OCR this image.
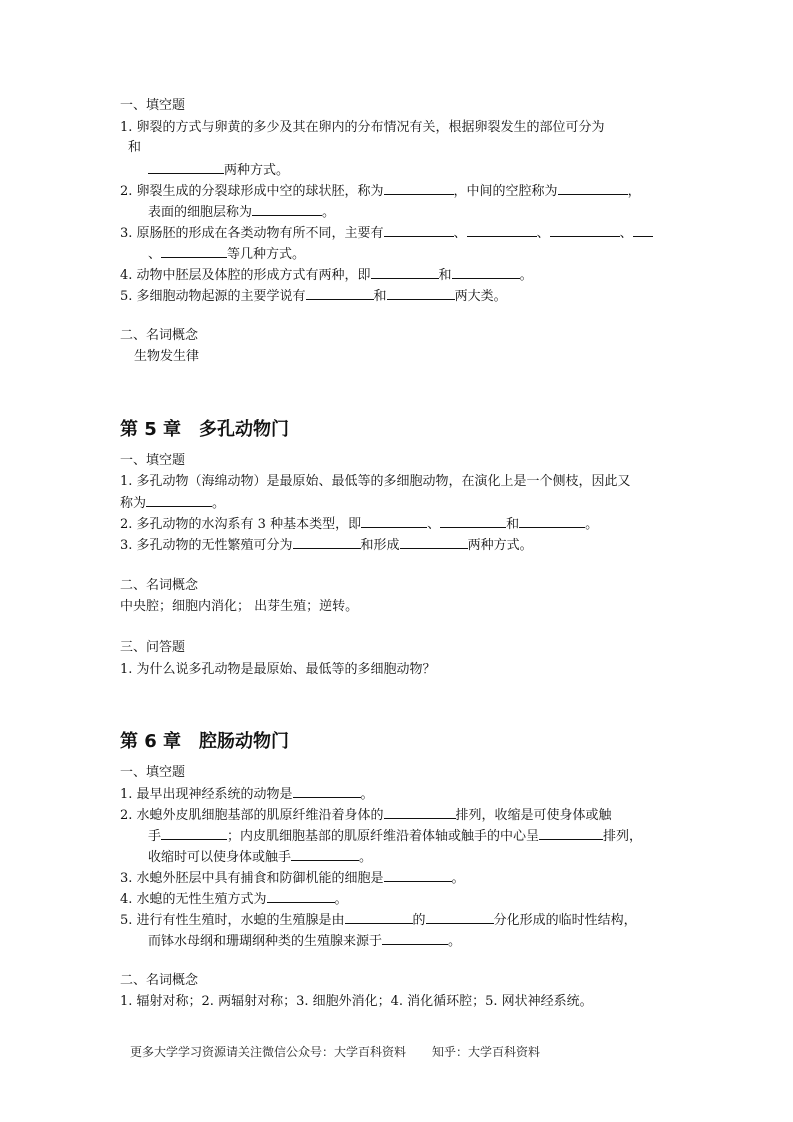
一、填空题
1. 卵裂的方式与卵黄的多少及其在卵内的分布情况有关，根据卵裂发生的部位可分为
和
两种方式。
2. 卵裂生成的分裂球形成中空的球状胚，称为	，中间的空腔称为	，
表面的细胞层称为	。
3. 原肠胚的形成在各类动物有所不同，主要有	、	、	、
、	等几种方式。
4. 动物中胚层及体腔的形成方式有两种，即	和	。
5. 多细胞动物起源的主要学说有	和	两大类。
二、名词概念
生物发生律
第 5 章　多孔动物门
一、填空题
1. 多孔动物（海绵动物）是最原始、最低等的多细胞动物，在演化上是一个侧枝，因此又
称为	。
2. 多孔动物的水沟系有 3 种基本类型，即	、	和	。
3. 多孔动物的无性繁殖可分为	和形成	两种方式。
二、名词概念
中央腔；细胞内消化； 出芽生殖；逆转。
三、问答题
1. 为什么说多孔动物是最原始、最低等的多细胞动物？
第 6 章　腔肠动物门
一、填空题
1. 最早出现神经系统的动物是	。
2. 水螅外皮肌细胞基部的肌原纤维沿着身体的	排列，收缩是可使身体或触
手	；内皮肌细胞基部的肌原纤维沿着体轴或触手的中心呈	排列，
收缩时可以使身体或触手	。
3. 水螅外胚层中具有捕食和防御机能的细胞是	。
4. 水螅的无性生殖方式为	。
5. 进行有性生殖时，水螅的生殖腺是由	的	分化形成的临时性结构，
而钵水母纲和珊瑚纲种类的生殖腺来源于	。
二、名词概念
1. 辐射对称；2. 两辐射对称；3. 细胞外消化；4. 消化循环腔；5. 网状神经系统。
更多大学学习资源请关注微信公众号：大学百科资料 知乎：大学百科资料
